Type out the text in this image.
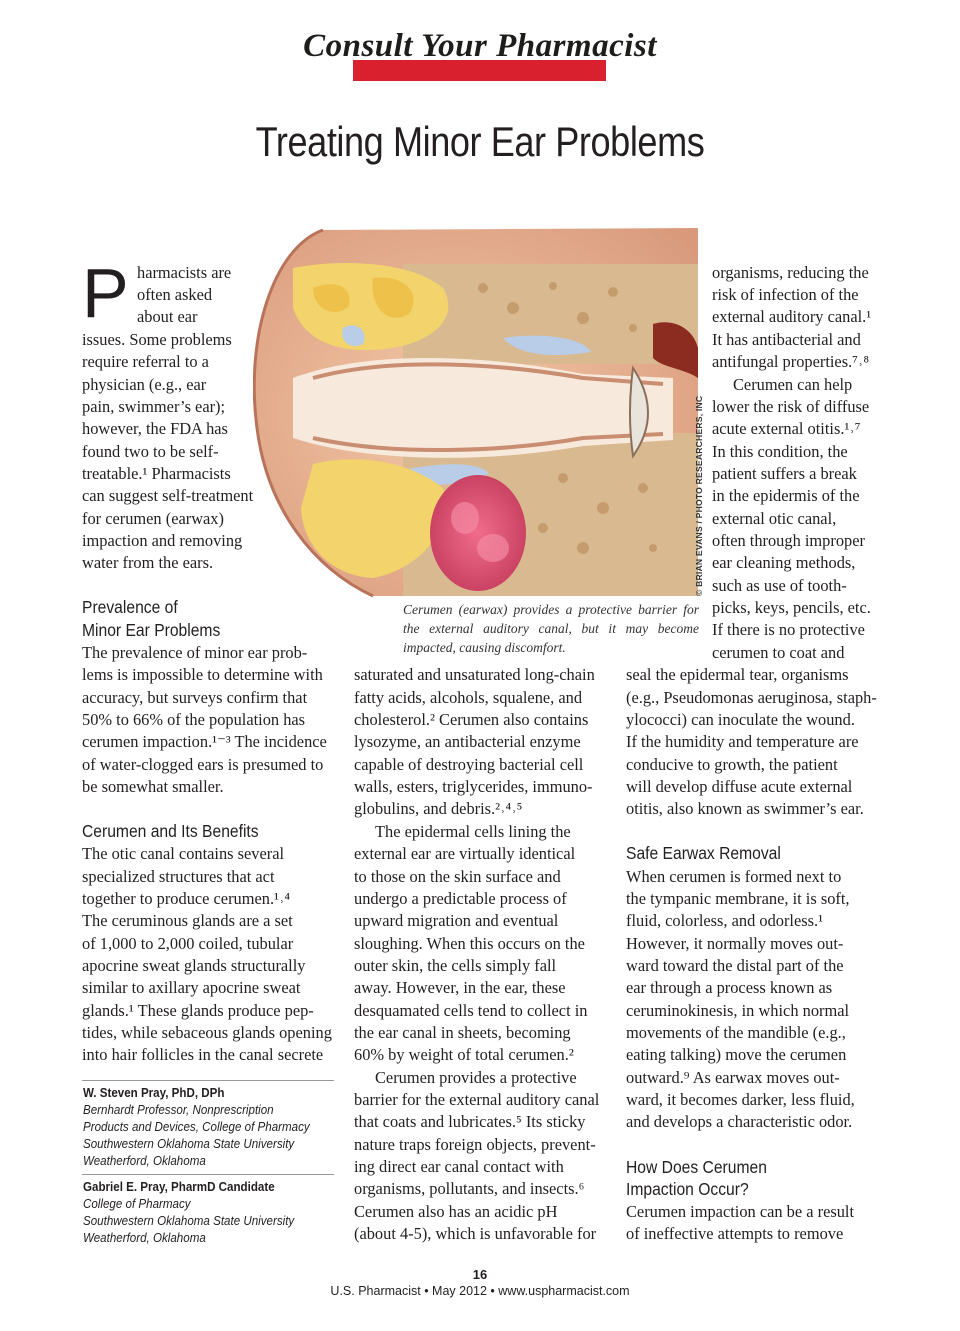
Consult Your Pharmacist
Treating Minor Ear Problems
© BRIAN EVANS / PHOTO RESEARCHERS, INC
Cerumen (earwax) provides a protective barrier for the external auditory canal, but it may become impacted, causing discomfort.
P harmacists are
often asked
about ear
issues. Some problems
require referral to a
physician (e.g., ear
pain, swimmer’s ear);
however, the FDA has
found two to be self-
treatable.¹ Pharmacists
can suggest self-treatment
for cerumen (earwax)
impaction and removing
water from the ears.
Prevalence of
Minor Ear Problems
The prevalence of minor ear prob-
lems is impossible to determine with
accuracy, but surveys confirm that
50% to 66% of the population has
cerumen impaction.¹⁻³ The incidence
of water-clogged ears is presumed to
be somewhat smaller.
Cerumen and Its Benefits
The otic canal contains several
specialized structures that act
together to produce cerumen.¹˒⁴
The ceruminous glands are a set
of 1,000 to 2,000 coiled, tubular
apocrine sweat glands structurally
similar to axillary apocrine sweat
glands.¹ These glands produce pep-
tides, while sebaceous glands opening
into hair follicles in the canal secrete
W. Steven Pray, PhD, DPh
Bernhardt Professor, Nonprescription
Products and Devices, College of Pharmacy
Southwestern Oklahoma State University
Weatherford, Oklahoma
Gabriel E. Pray, PharmD Candidate
College of Pharmacy
Southwestern Oklahoma State University
Weatherford, Oklahoma
saturated and unsaturated long-chain
fatty acids, alcohols, squalene, and
cholesterol.² Cerumen also contains
lysozyme, an antibacterial enzyme
capable of destroying bacterial cell
walls, esters, triglycerides, immuno-
globulins, and debris.²˒⁴˒⁵
The epidermal cells lining the
external ear are virtually identical
to those on the skin surface and
undergo a predictable process of
upward migration and eventual
sloughing. When this occurs on the
outer skin, the cells simply fall
away. However, in the ear, these
desquamated cells tend to collect in
the ear canal in sheets, becoming
60% by weight of total cerumen.²
Cerumen provides a protective
barrier for the external auditory canal
that coats and lubricates.⁵ Its sticky
nature traps foreign objects, prevent-
ing direct ear canal contact with
organisms, pollutants, and insects.⁶
Cerumen also has an acidic pH
(about 4-5), which is unfavorable for
organisms, reducing the
risk of infection of the
external auditory canal.¹
It has antibacterial and
antifungal properties.⁷˒⁸
Cerumen can help
lower the risk of diffuse
acute external otitis.¹˒⁷
In this condition, the
patient suffers a break
in the epidermis of the
external otic canal,
often through improper
ear cleaning methods,
such as use of tooth-
picks, keys, pencils, etc.
If there is no protective
cerumen to coat and
seal the epidermal tear, organisms
(e.g., Pseudomonas aeruginosa, staph-
ylococci) can inoculate the wound.
If the humidity and temperature are
conducive to growth, the patient
will develop diffuse acute external
otitis, also known as swimmer’s ear.
Safe Earwax Removal
When cerumen is formed next to
the tympanic membrane, it is soft,
fluid, colorless, and odorless.¹
However, it normally moves out-
ward toward the distal part of the
ear through a process known as
ceruminokinesis, in which normal
movements of the mandible (e.g.,
eating talking) move the cerumen
outward.⁹ As earwax moves out-
ward, it becomes darker, less fluid,
and develops a characteristic odor.
How Does Cerumen
Impaction Occur?
Cerumen impaction can be a result
of ineffective attempts to remove
16
U.S. Pharmacist • May 2012 • www.uspharmacist.com
